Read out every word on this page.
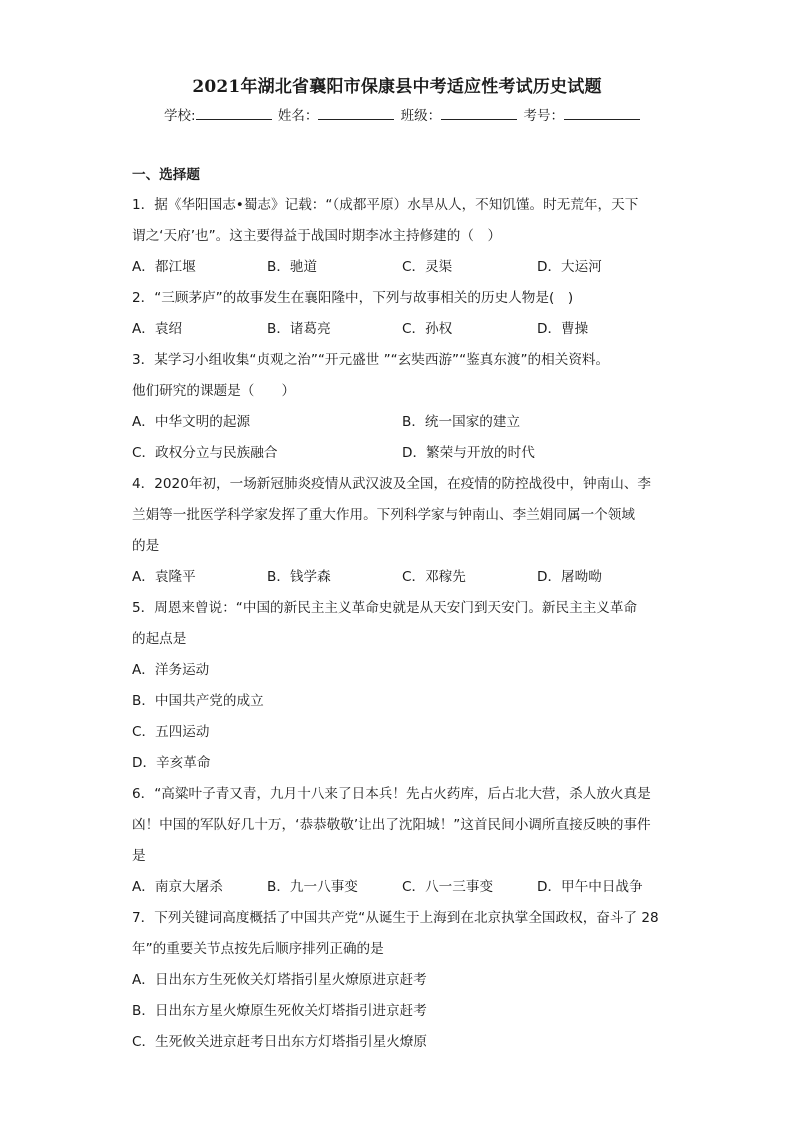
2021年湖北省襄阳市保康县中考适应性考试历史试题
学校:	姓名：	班级：	考号：
一、选择题
1．据《华阳国志•蜀志》记载：“（成都平原）水旱从人，不知饥馑。时无荒年，天下
谓之‘天府’也”。这主要得益于战国时期李冰主持修建的（　）
A．都江堰	B．驰道	C．灵渠	D．大运河
2．“三顾茅庐”的故事发生在襄阳隆中，下列与故事相关的历史人物是(　)
A．袁绍	B．诸葛亮	C．孙权	D．曹操
3．某学习小组收集“贞观之治”“开元盛世 ”“玄奘西游”“鉴真东渡”的相关资料。
他们研究的课题是（　　）
A．中华文明的起源	B．统一国家的建立
C．政权分立与民族融合	D．繁荣与开放的时代
4．2020年初，一场新冠肺炎疫情从武汉波及全国，在疫情的防控战役中，钟南山、李
兰娟等一批医学科学家发挥了重大作用。下列科学家与钟南山、李兰娟同属一个领域
的是
A．袁隆平	B．钱学森	C．邓稼先	D．屠呦呦
5．周恩来曾说：“中国的新民主主义革命史就是从天安门到天安门。新民主主义革命
的起点是
A．洋务运动
B．中国共产党的成立
C．五四运动
D．辛亥革命
6．“高粱叶子青又青，九月十八来了日本兵！先占火药库，后占北大营，杀人放火真是
凶！中国的军队好几十万，‘恭恭敬敬’让出了沈阳城！”这首民间小调所直接反映的事件
是
A．南京大屠杀	B．九一八事变	C．八一三事变	D．甲午中日战争
7．下列关键词高度概括了中国共产党“从诞生于上海到在北京执掌全国政权，奋斗了 28
年”的重要关节点按先后顺序排列正确的是
A．日出东方生死攸关灯塔指引星火燎原进京赶考
B．日出东方星火燎原生死攸关灯塔指引进京赶考
C．生死攸关进京赶考日出东方灯塔指引星火燎原
